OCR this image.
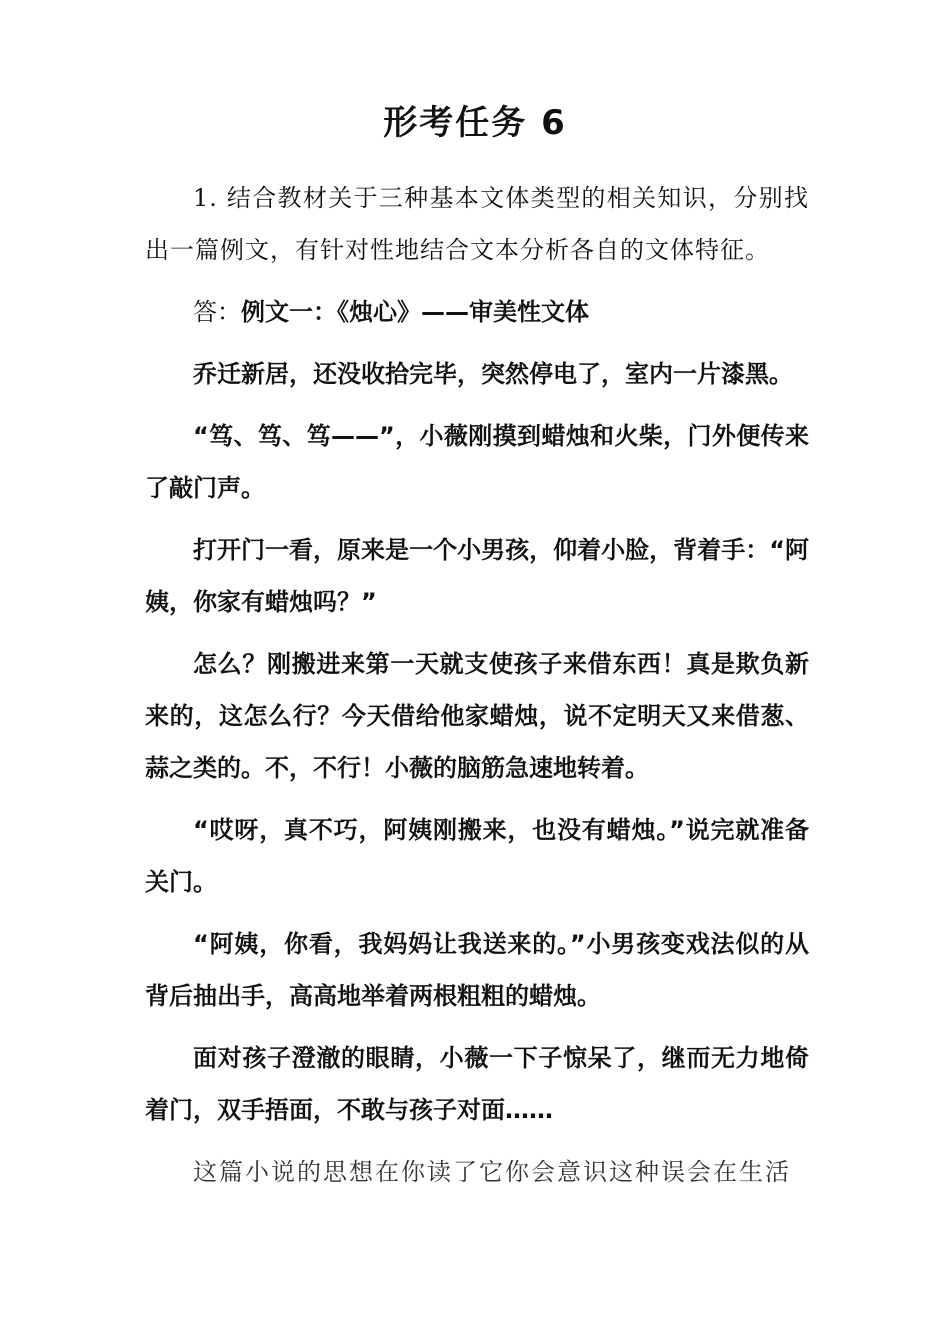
形考任务 6

1. 结合教材关于三种基本文体类型的相关知识，分别找出一篇例文，有针对性地结合文本分析各自的文体特征。

答：例文一：《烛心》——审美性文体

乔迁新居，还没收拾完毕，突然停电了，室内一片漆黑。

“笃、笃、笃——”，小薇刚摸到蜡烛和火柴，门外便传来了敲门声。

打开门一看，原来是一个小男孩，仰着小脸，背着手：“阿姨，你家有蜡烛吗？”

怎么？刚搬进来第一天就支使孩子来借东西！真是欺负新来的，这怎么行？今天借给他家蜡烛，说不定明天又来借葱、蒜之类的。不，不行！小薇的脑筋急速地转着。

“哎呀，真不巧，阿姨刚搬来，也没有蜡烛。”说完就准备关门。

“阿姨，你看，我妈妈让我送来的。”小男孩变戏法似的从背后抽出手，高高地举着两根粗粗的蜡烛。

面对孩子澄澈的眼睛，小薇一下子惊呆了，继而无力地倚着门，双手捂面，不敢与孩子对面……

这篇小说的思想在你读了它你会意识这种误会在生活
